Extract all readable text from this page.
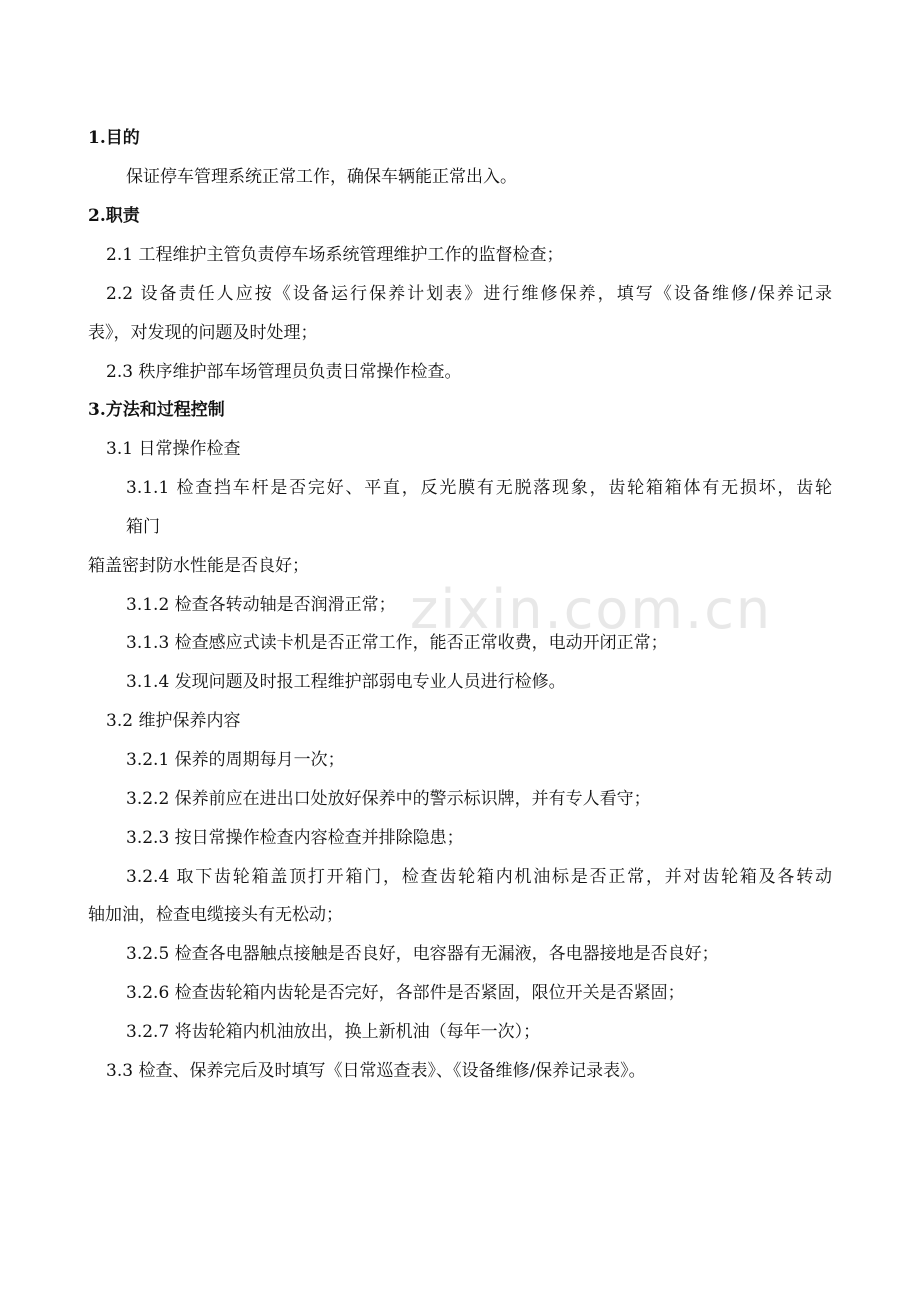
zixin.com.cn
1.目的
保证停车管理系统正常工作，确保车辆能正常出入。
2.职责
2.1 工程维护主管负责停车场系统管理维护工作的监督检查；
2.2 设备责任人应按《设备运行保养计划表》进行维修保养，填写《设备维修/保养记录
表》，对发现的问题及时处理；
2.3 秩序维护部车场管理员负责日常操作检查。
3.方法和过程控制
3.1 日常操作检查
3.1.1 检查挡车杆是否完好、平直，反光膜有无脱落现象，齿轮箱箱体有无损坏，齿轮
箱门
箱盖密封防水性能是否良好；
3.1.2 检查各转动轴是否润滑正常；
3.1.3 检查感应式读卡机是否正常工作，能否正常收费，电动开闭正常；
3.1.4 发现问题及时报工程维护部弱电专业人员进行检修。
3.2 维护保养内容
3.2.1 保养的周期每月一次；
3.2.2 保养前应在进出口处放好保养中的警示标识牌，并有专人看守；
3.2.3 按日常操作检查内容检查并排除隐患；
3.2.4 取下齿轮箱盖顶打开箱门，检查齿轮箱内机油标是否正常，并对齿轮箱及各转动
轴加油，检查电缆接头有无松动；
3.2.5 检查各电器触点接触是否良好，电容器有无漏液，各电器接地是否良好；
3.2.6 检查齿轮箱内齿轮是否完好，各部件是否紧固，限位开关是否紧固；
3.2.7 将齿轮箱内机油放出，换上新机油（每年一次）；
3.3 检查、保养完后及时填写《日常巡查表》、《设备维修/保养记录表》。
